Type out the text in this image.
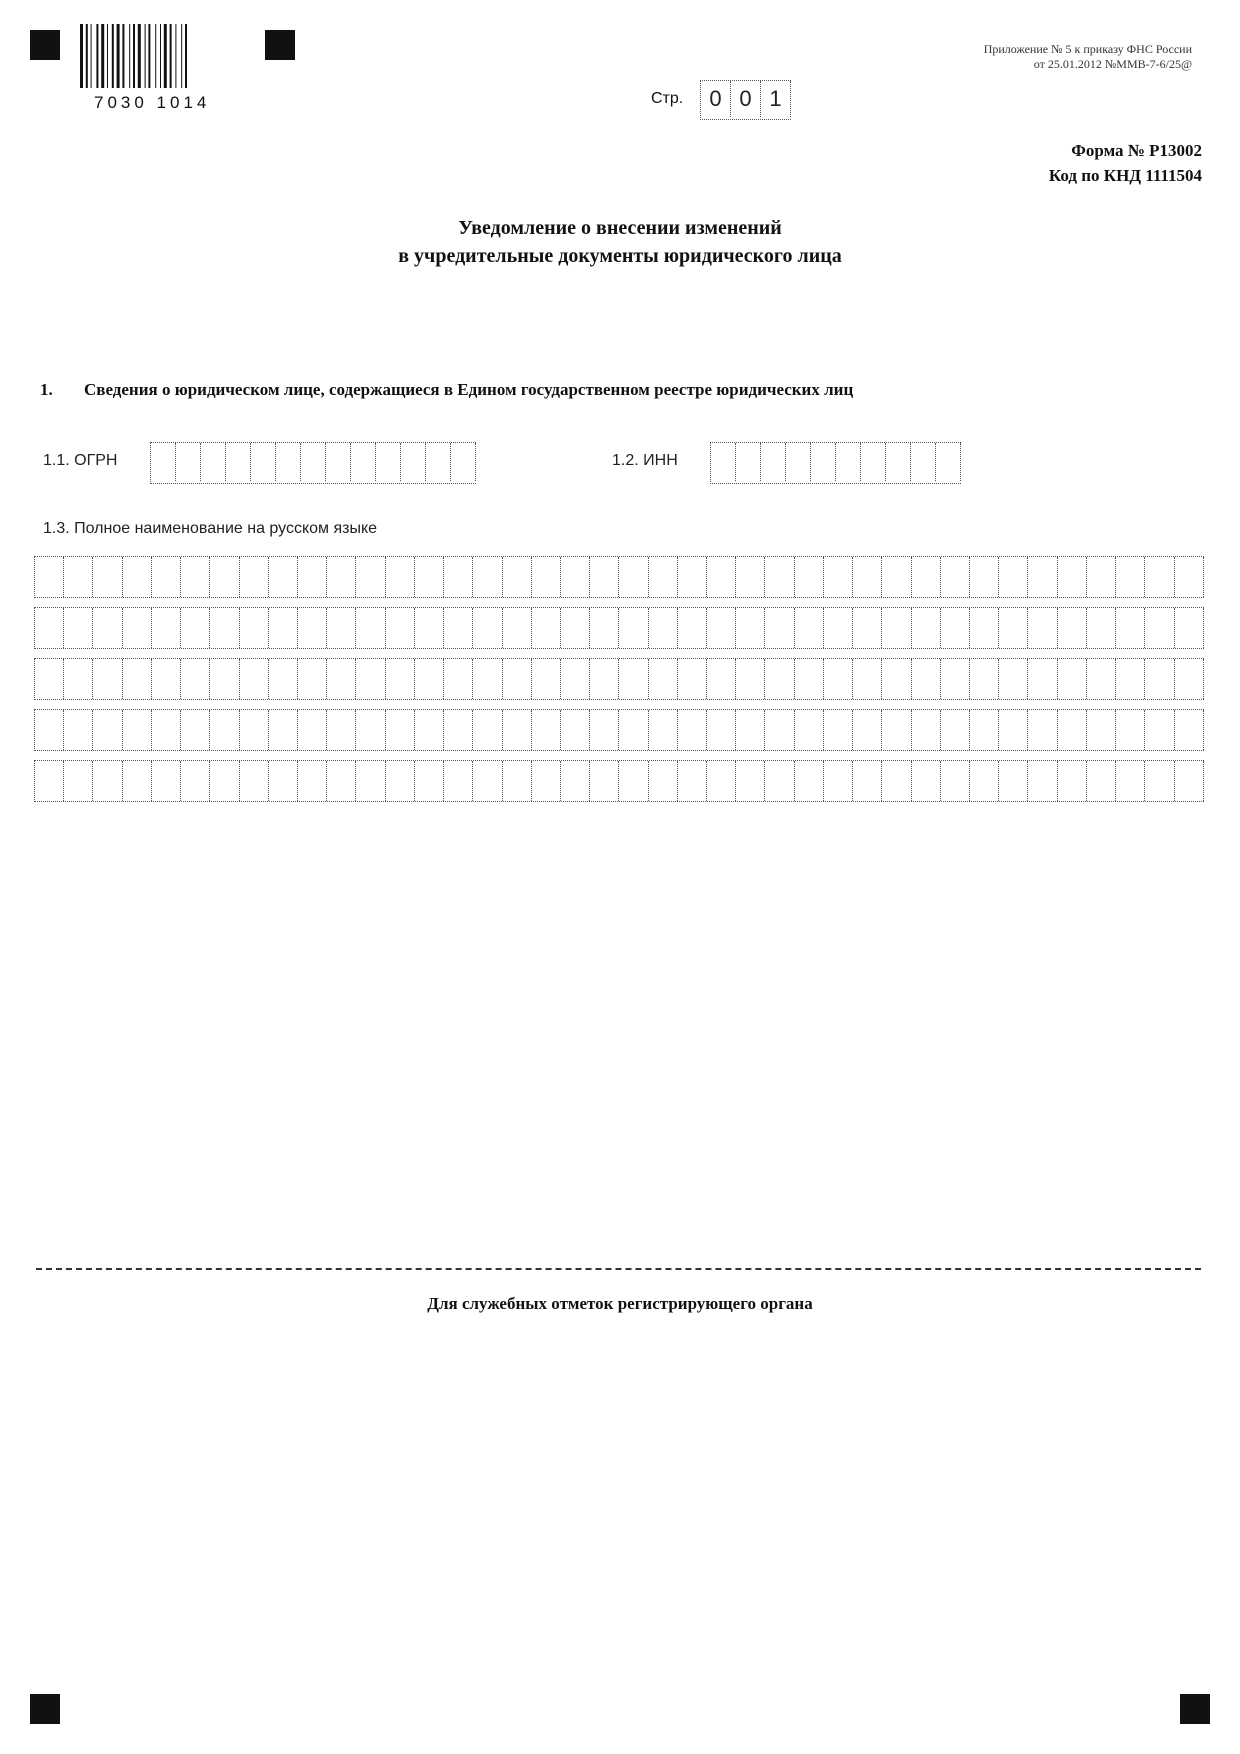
7030 1014
Приложение № 5 к приказу ФНС России
от 25.01.2012 №ММВ-7-6/25@
Стр.	0 0 1
Форма № Р13002
Код по КНД 1111504
Уведомление о внесении изменений
в учредительные документы юридического лица
1. Сведения о юридическом лице, содержащиеся в Едином государственном реестре юридических лиц
1.1. ОГРН	1.2. ИНН
1.3. Полное наименование на русском языке
Для служебных отметок регистрирующего органа
